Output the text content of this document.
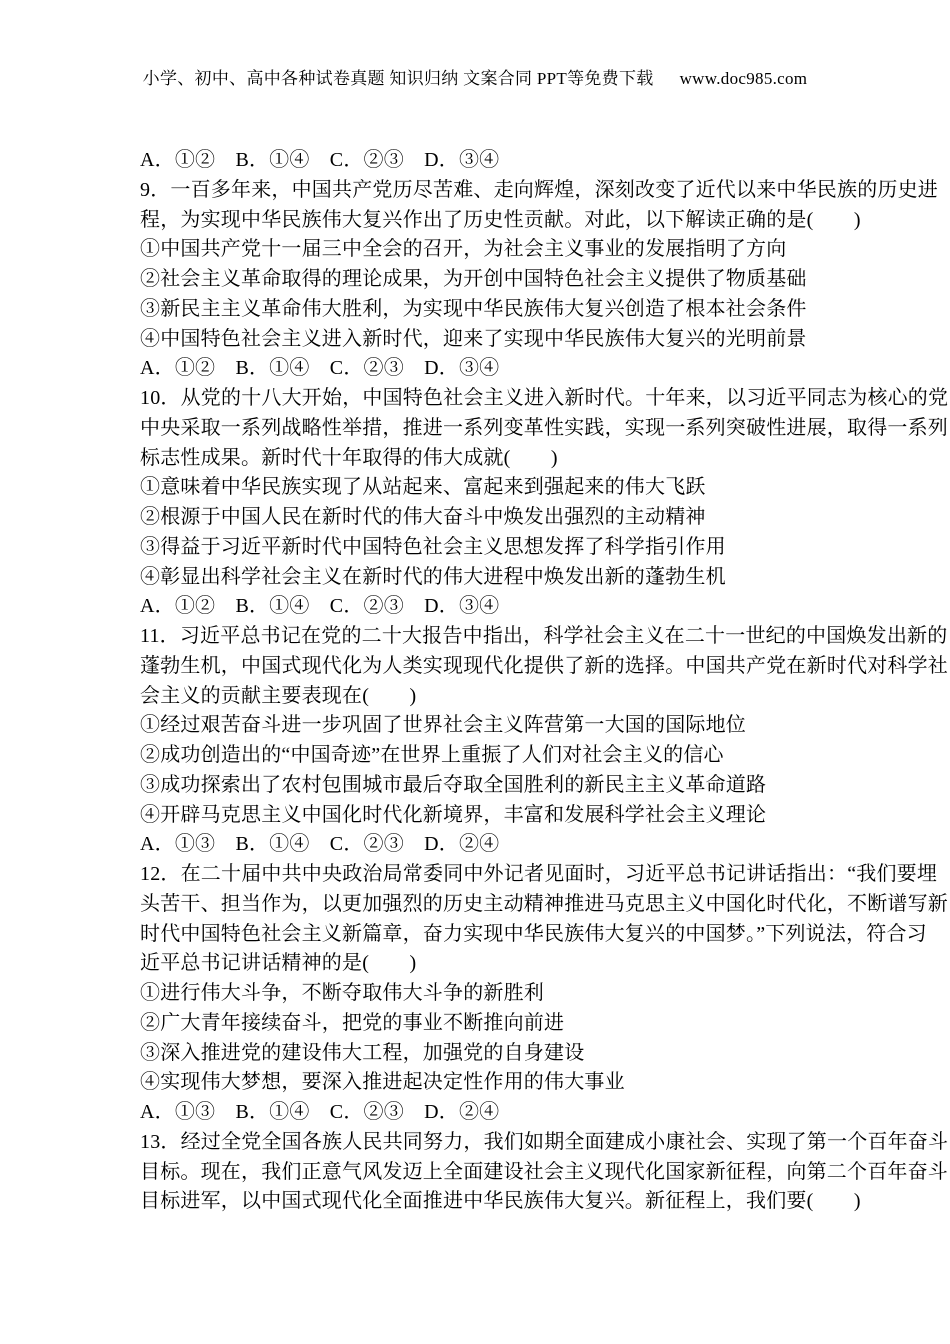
小学、初中、高中各种试卷真题 知识归纳 文案合同 PPT等免费下载 www.doc985.com
A．①②　B．①④　C．②③　D．③④
9．一百多年来，中国共产党历尽苦难、走向辉煌，深刻改变了近代以来中华民族的历史进
程，为实现中华民族伟大复兴作出了历史性贡献。对此，以下解读正确的是(　　)
①中国共产党十一届三中全会的召开，为社会主义事业的发展指明了方向
②社会主义革命取得的理论成果，为开创中国特色社会主义提供了物质基础
③新民主主义革命伟大胜利，为实现中华民族伟大复兴创造了根本社会条件
④中国特色社会主义进入新时代，迎来了实现中华民族伟大复兴的光明前景
A．①②　B．①④　C．②③　D．③④
10．从党的十八大开始，中国特色社会主义进入新时代。十年来，以习近平同志为核心的党
中央采取一系列战略性举措，推进一系列变革性实践，实现一系列突破性进展，取得一系列
标志性成果。新时代十年取得的伟大成就(　　)
①意味着中华民族实现了从站起来、富起来到强起来的伟大飞跃
②根源于中国人民在新时代的伟大奋斗中焕发出强烈的主动精神
③得益于习近平新时代中国特色社会主义思想发挥了科学指引作用
④彰显出科学社会主义在新时代的伟大进程中焕发出新的蓬勃生机
A．①②　B．①④　C．②③　D．③④
11．习近平总书记在党的二十大报告中指出，科学社会主义在二十一世纪的中国焕发出新的
蓬勃生机，中国式现代化为人类实现现代化提供了新的选择。中国共产党在新时代对科学社
会主义的贡献主要表现在(　　)
①经过艰苦奋斗进一步巩固了世界社会主义阵营第一大国的国际地位
②成功创造出的“中国奇迹”在世界上重振了人们对社会主义的信心
③成功探索出了农村包围城市最后夺取全国胜利的新民主主义革命道路
④开辟马克思主义中国化时代化新境界，丰富和发展科学社会主义理论
A．①③　B．①④　C．②③　D．②④
12．在二十届中共中央政治局常委同中外记者见面时，习近平总书记讲话指出：“我们要埋
头苦干、担当作为，以更加强烈的历史主动精神推进马克思主义中国化时代化，不断谱写新
时代中国特色社会主义新篇章，奋力实现中华民族伟大复兴的中国梦。”下列说法，符合习
近平总书记讲话精神的是(　　)
①进行伟大斗争，不断夺取伟大斗争的新胜利
②广大青年接续奋斗，把党的事业不断推向前进
③深入推进党的建设伟大工程，加强党的自身建设
④实现伟大梦想，要深入推进起决定性作用的伟大事业
A．①③　B．①④　C．②③　D．②④
13．经过全党全国各族人民共同努力，我们如期全面建成小康社会、实现了第一个百年奋斗
目标。现在，我们正意气风发迈上全面建设社会主义现代化国家新征程，向第二个百年奋斗
目标进军，以中国式现代化全面推进中华民族伟大复兴。新征程上，我们要(　　)
